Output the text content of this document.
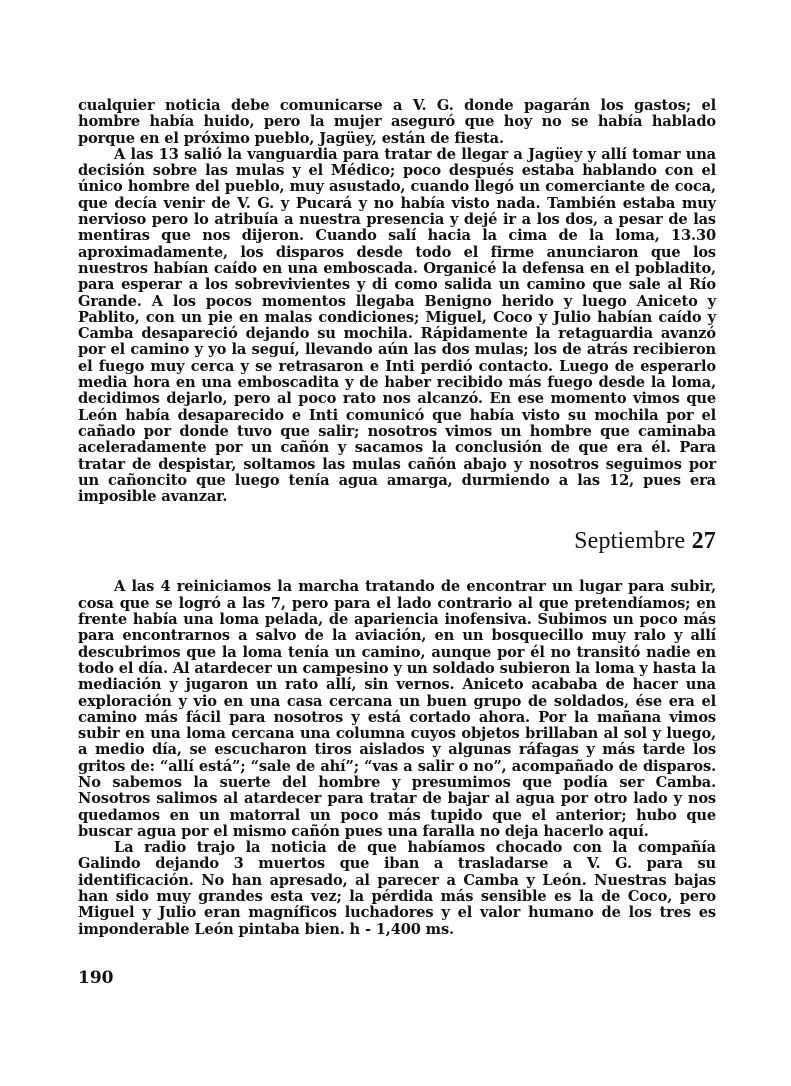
cualquier noticia debe comunicarse a V. G. donde pagarán los gastos; el hombre había huido, pero la mujer aseguró que hoy no se había hablado porque en el próximo pueblo, Jagüey, están de fiesta.

A las 13 salió la vanguardia para tratar de llegar a Jagüey y allí tomar una decisión sobre las mulas y el Médico; poco después estaba hablando con el único hombre del pueblo, muy asustado, cuando llegó un comerciante de coca, que decía venir de V. G. y Pucará y no había visto nada. También estaba muy nervioso pero lo atribuía a nuestra presencia y dejé ir a los dos, a pesar de las mentiras que nos dijeron. Cuando salí hacia la cima de la loma, 13.30 aproximadamente, los disparos desde todo el firme anunciaron que los nuestros habían caído en una emboscada. Organicé la defensa en el pobladito, para esperar a los sobrevivientes y di como salida un camino que sale al Río Grande. A los pocos momentos llegaba Benigno herido y luego Aniceto y Pablito, con un pie en malas condiciones; Miguel, Coco y Julio habían caído y Camba desapareció dejando su mochila. Rápidamente la retaguardia avanzó por el camino y yo la seguí, llevando aún las dos mulas; los de atrás recibieron el fuego muy cerca y se retrasaron e Inti perdió contacto. Luego de esperarlo media hora en una emboscadita y de haber recibido más fuego desde la loma, decidimos dejarlo, pero al poco rato nos alcanzó. En ese momento vimos que León había desaparecido e Inti comunicó que había visto su mochila por el cañado por donde tuvo que salir; nosotros vimos un hombre que caminaba aceleradamente por un cañón y sacamos la conclusión de que era él. Para tratar de despistar, soltamos las mulas cañón abajo y nosotros seguimos por un cañoncito que luego tenía agua amarga, durmiendo a las 12, pues era imposible avanzar.

Septiembre 27

A las 4 reiniciamos la marcha tratando de encontrar un lugar para subir, cosa que se logró a las 7, pero para el lado contrario al que pretendíamos; en frente había una loma pelada, de apariencia inofensiva. Subimos un poco más para encontrarnos a salvo de la aviación, en un bosquecillo muy ralo y allí descubrimos que la loma tenía un camino, aunque por él no transitó nadie en todo el día. Al atardecer un campesino y un soldado subieron la loma y hasta la mediación y jugaron un rato allí, sin vernos. Aniceto acababa de hacer una exploración y vio en una casa cercana un buen grupo de soldados, ése era el camino más fácil para nosotros y está cortado ahora. Por la mañana vimos subir en una loma cercana una columna cuyos objetos brillaban al sol y luego, a medio día, se escucharon tiros aislados y algunas ráfagas y más tarde los gritos de: “allí está”; “sale de ahí”; “vas a salir o no”, acompañado de disparos. No sabemos la suerte del hombre y presumimos que podía ser Camba. Nosotros salimos al atardecer para tratar de bajar al agua por otro lado y nos quedamos en un matorral un poco más tupido que el anterior; hubo que buscar agua por el mismo cañón pues una faralla no deja hacerlo aquí.

La radio trajo la noticia de que habíamos chocado con la compañía Galindo dejando 3 muertos que iban a trasladarse a V. G. para su identificación. No han apresado, al parecer a Camba y León. Nuestras bajas han sido muy grandes esta vez; la pérdida más sensible es la de Coco, pero Miguel y Julio eran magníficos luchadores y el valor humano de los tres es imponderable León pintaba bien. h - 1,400 ms.

190
